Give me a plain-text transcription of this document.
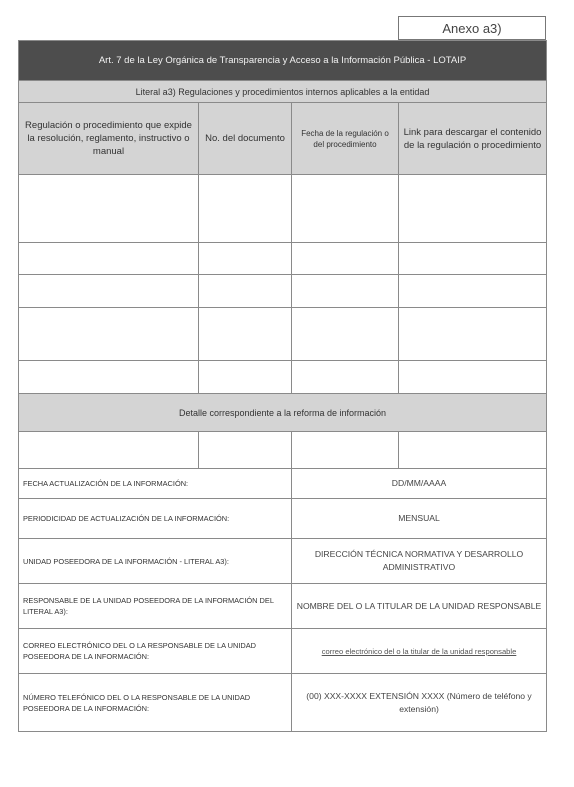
Anexo a3)
Art. 7 de la Ley Orgánica de Transparencia y Acceso a la Información Pública - LOTAIP			
Literal a3) Regulaciones y procedimientos internos aplicables a la entidad			
Regulación o procedimiento que expide la resolución, reglamento, instructivo o manual	No. del documento	Fecha de la regulación o del procedimiento	Link para descargar el contenido de la regulación o procedimiento

Detalle correspondiente a la reforma de información			

FECHA ACTUALIZACIÓN DE LA INFORMACIÓN:		DD/MM/AAAA	
PERIODICIDAD DE ACTUALIZACIÓN DE LA INFORMACIÓN:		MENSUAL	
UNIDAD POSEEDORA DE LA INFORMACIÓN - LITERAL A3):		DIRECCIÓN TÉCNICA NORMATIVA Y DESARROLLO ADMINISTRATIVO	
RESPONSABLE DE LA UNIDAD POSEEDORA DE LA INFORMACIÓN DEL LITERAL A3):		NOMBRE DEL O LA TITULAR DE LA UNIDAD RESPONSABLE	
CORREO ELECTRÓNICO DEL O LA RESPONSABLE DE LA UNIDAD POSEEDORA DE LA INFORMACIÓN:		correo electrónico del o la titular de la unidad responsable	
NÚMERO TELEFÓNICO DEL O LA RESPONSABLE DE LA UNIDAD POSEEDORA DE LA INFORMACIÓN:		(00) XXX-XXXX EXTENSIÓN XXXX (Número de teléfono y extensión)	
